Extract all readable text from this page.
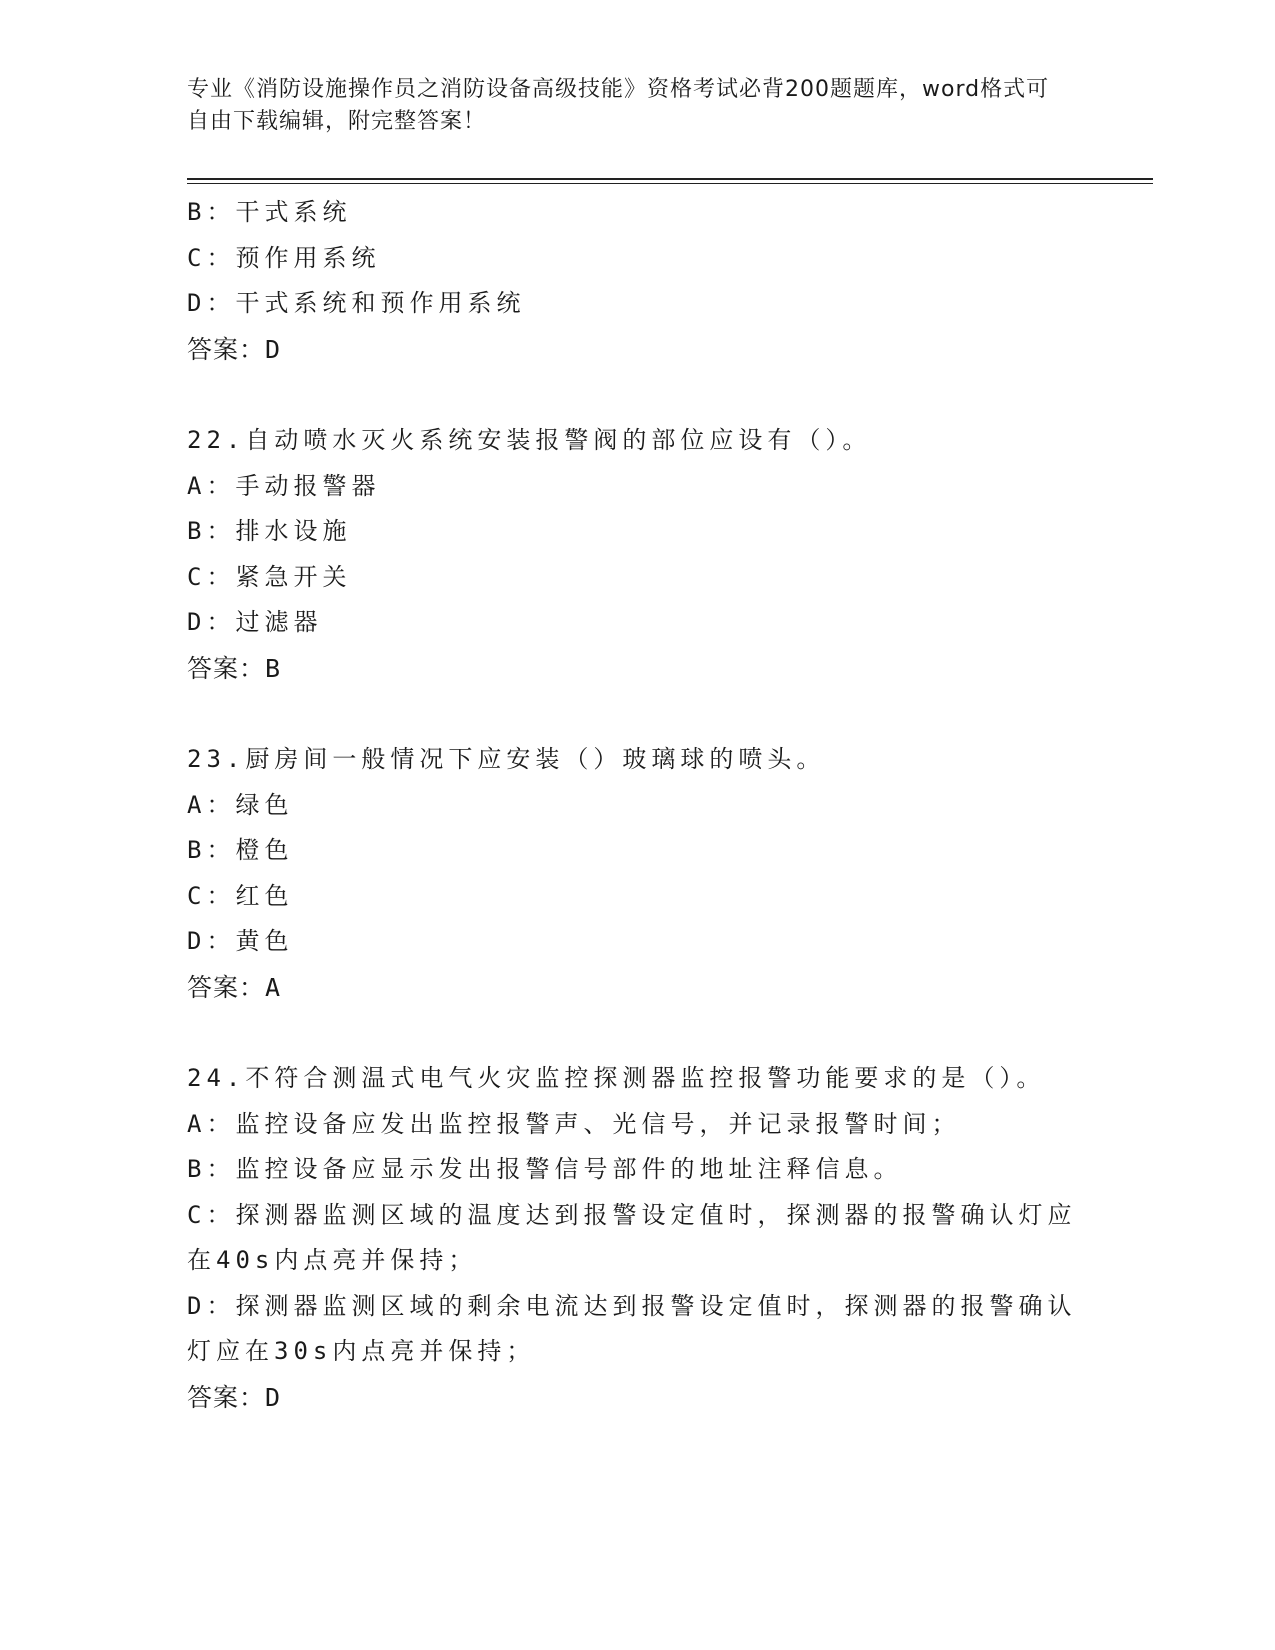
专业《消防设施操作员之消防设备高级技能》资格考试必背200题题库，word格式可自由下载编辑，附完整答案！
B：干式系统
C：预作用系统
D：干式系统和预作用系统
答案：D
22.自动喷水灭火系统安装报警阀的部位应设有（）。
A：手动报警器
B：排水设施
C：紧急开关
D：过滤器
答案：B
23.厨房间一般情况下应安装（）玻璃球的喷头。
A：绿色
B：橙色
C：红色
D：黄色
答案：A
24.不符合测温式电气火灾监控探测器监控报警功能要求的是（）。
A：监控设备应发出监控报警声、光信号，并记录报警时间；
B：监控设备应显示发出报警信号部件的地址注释信息。
C：探测器监测区域的温度达到报警设定值时，探测器的报警确认灯应在40s内点亮并保持；
D：探测器监测区域的剩余电流达到报警设定值时，探测器的报警确认灯应在30s内点亮并保持；
答案：D
